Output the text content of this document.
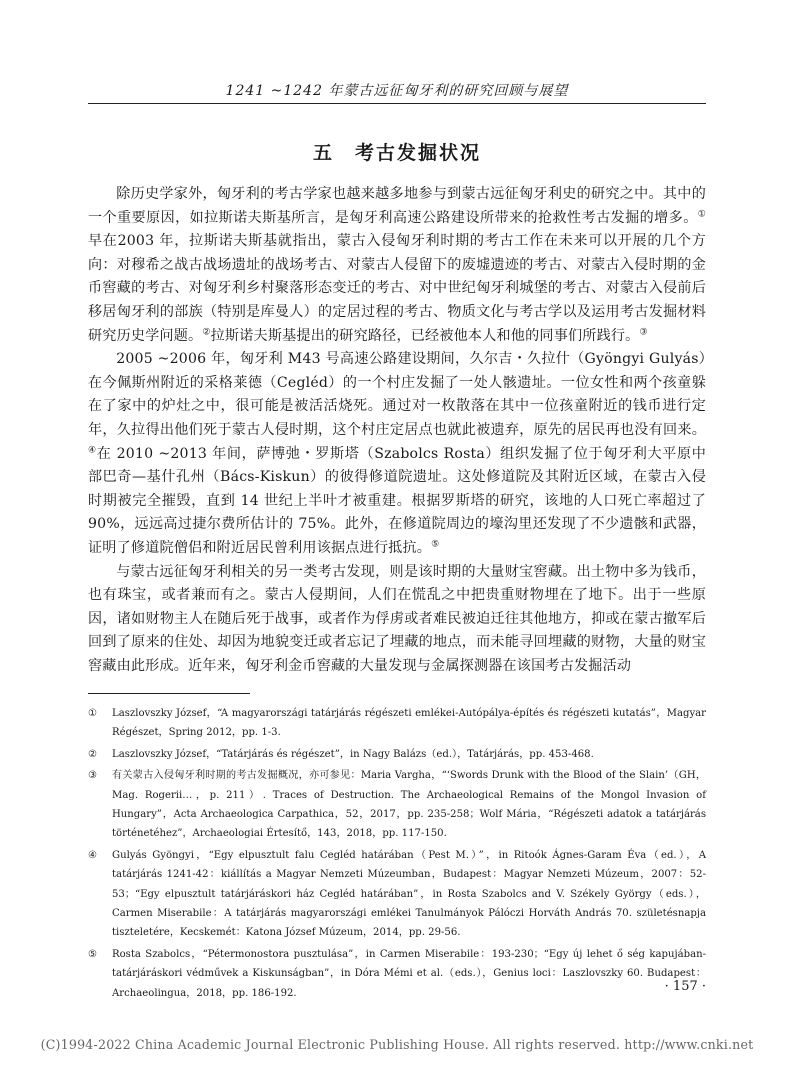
1241 ~1242 年蒙古远征匈牙利的研究回顾与展望
五　考古发掘状况

除历史学家外，匈牙利的考古学家也越来越多地参与到蒙古远征匈牙利史的研究之中。其中的一个重要原因，如拉斯诺夫斯基所言，是匈牙利高速公路建设所带来的抢救性考古发掘的增多。① 早在2003 年，拉斯诺夫斯基就指出，蒙古入侵匈牙利时期的考古工作在未来可以开展的几个方向：对穆希之战古战场遗址的战场考古、对蒙古人侵留下的废墟遗迹的考古、对蒙古入侵时期的金币窖藏的考古、对匈牙利乡村聚落形态变迁的考古、对中世纪匈牙利城堡的考古、对蒙古入侵前后移居匈牙利的部族（特别是库曼人）的定居过程的考古、物质文化与考古学以及运用考古发掘材料研究历史学问题。②拉斯诺夫斯基提出的研究路径，已经被他本人和他的同事们所践行。③

2005 ~2006 年，匈牙利 M43 号高速公路建设期间，久尔吉・久拉什（Gyöngyi Gulyás）在今佩斯州附近的采格莱德（Cegléd）的一个村庄发掘了一处人骸遗址。一位女性和两个孩童躲在了家中的炉灶之中，很可能是被活活烧死。通过对一枚散落在其中一位孩童附近的钱币进行定年，久拉得出他们死于蒙古人侵时期，这个村庄定居点也就此被遗弃，原先的居民再也没有回来。④在 2010 ~2013 年间，萨博弛・罗斯塔（Szabolcs Rosta）组织发掘了位于匈牙利大平原中部巴奇—基什孔州（Bács-Kiskun）的彼得修道院遗址。这处修道院及其附近区域，在蒙古入侵时期被完全摧毁，直到 14 世纪上半叶才被重建。根据罗斯塔的研究，该地的人口死亡率超过了 90%，远远高过捷尔费所估计的 75%。此外，在修道院周边的壕沟里还发现了不少遗骸和武器，证明了修道院僧侣和附近居民曾利用该据点进行抵抗。⑤

与蒙古远征匈牙利相关的另一类考古发现，则是该时期的大量财宝窖藏。出土物中多为钱币，也有珠宝，或者兼而有之。蒙古人侵期间，人们在慌乱之中把贵重财物埋在了地下。出于一些原因，诸如财物主人在随后死于战事，或者作为俘虏或者难民被迫迁往其他地方，抑或在蒙古撤军后回到了原来的住处、却因为地貌变迁或者忘记了埋藏的地点，而未能寻回埋藏的财物，大量的财宝窖藏由此形成。近年来，匈牙利金币窖藏的大量发现与金属探测器在该国考古发掘活动

①	Laszlovszky József，“A magyarországi tatárjárás régészeti emlékei-Autópálya-építés és régészeti kutatás”，Magyar Régészet，Spring 2012，pp. 1-3.
②	Laszlovszky József，“Tatárjárás és régészet”，in Nagy Balázs（ed.），Tatárjárás，pp. 453-468.
③	有关蒙古入侵匈牙利时期的考古发掘概况，亦可参见：Maria Vargha，“‘Swords Drunk with the Blood of the Slain’（GH，Mag. Rogerii…，p. 211）. Traces of Destruction. The Archaeological Remains of the Mongol Invasion of Hungary”，Acta Archaeologica Carpathica，52，2017，pp. 235-258；Wolf Mária，“Régészeti adatok a tatárjárás történetéhez”，Archaeologiai Értesítő，143，2018，pp. 117-150.
④	Gulyás Gyöngyi，“Egy elpusztult falu Cegléd határában（Pest M.）”，in Ritoók Ágnes-Garam Éva（ed.），A tatárjárás 1241-42：kiállítás a Magyar Nemzeti Múzeumban，Budapest：Magyar Nemzeti Múzeum，2007：52-53；“Egy elpusztult tatárjáráskori ház Cegléd határában”，in Rosta Szabolcs and V. Székely György（eds.），Carmen Miserabile：A tatárjárás magyarországi emlékei Tanulmányok Pálóczi Horváth András 70. születésnapja tiszteletére，Kecskemét：Katona József Múzeum，2014，pp. 29-56.
⑤	Rosta Szabolcs，“Pétermonostora pusztulása”，in Carmen Miserabile：193-230；“Egy új lehet ő ség kapujában-tatárjáráskori védművek a Kiskunságban”，in Dóra Mémi et al.（eds.），Genius loci：Laszlovszky 60. Budapest：Archaeolingua，2018，pp. 186-192.	· 157 ·
(C)1994-2022 China Academic Journal Electronic Publishing House. All rights reserved. http://www.cnki.net
